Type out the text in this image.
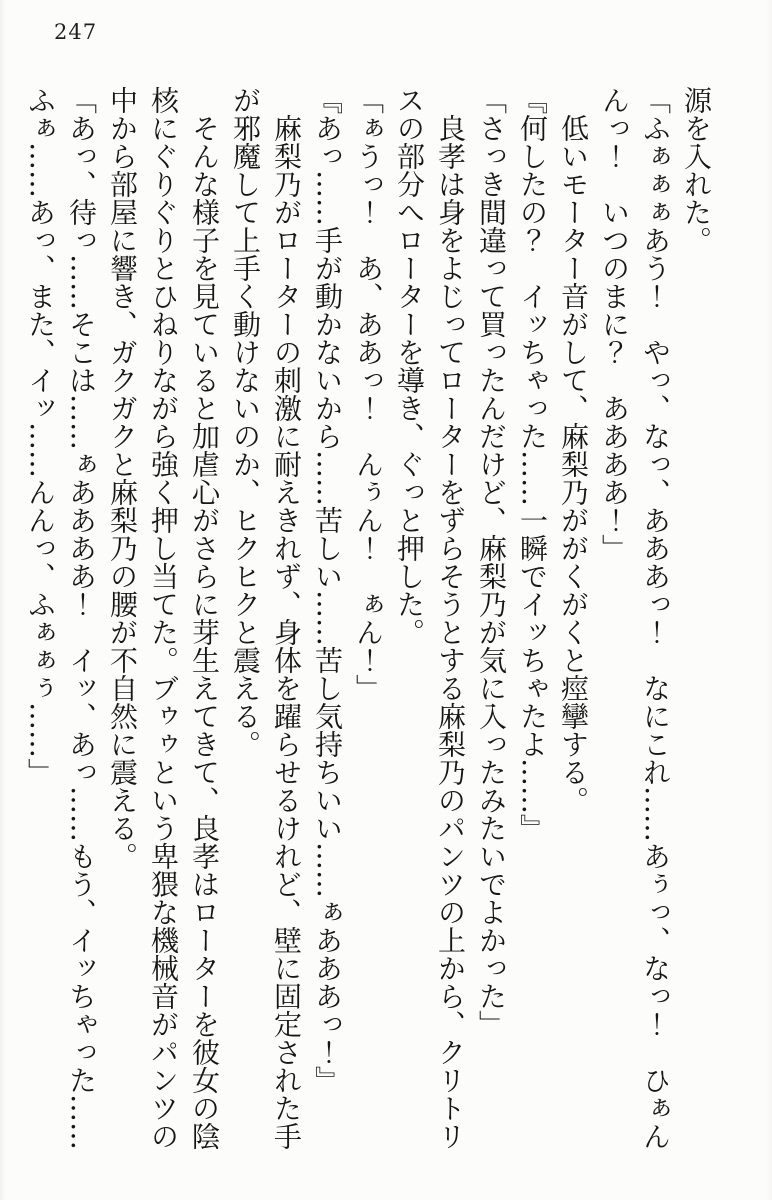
247

源を入れた。

「ふぁぁぁあう！　やっ、なっ、あああっ！　なにこれ……あぅっ、なっ！　ひぁんんっ！　いつのまに？　ああああ！」

　低いモーター音がして、麻梨乃ががくがくと痙攣する。

『何したの？　イッちゃった……一瞬でイッちゃたよ……』

「さっき間違って買ったんだけど、麻梨乃が気に入ったみたいでよかった」

　良孝は身をよじってローターをずらそうとする麻梨乃のパンツの上から、クリトリスの部分へローターを導き、ぐっと押した。

「ぁうっ！　あ、ああっ！　んぅん！　ぁん！」

『あっ……手が動かないから……苦しい……苦し気持ちいい……ぁあああっ！』

　麻梨乃がローターの刺激に耐えきれず、身体を躍らせるけれど、壁に固定された手が邪魔して上手く動けないのか、ヒクヒクと震える。

　そんな様子を見ていると加虐心がさらに芽生えてきて、良孝はローターを彼女の陰核にぐりぐりとひねりながら強く押し当てた。ブゥゥという卑猥な機械音がパンツの中から部屋に響き、ガクガクと麻梨乃の腰が不自然に震える。

「あっ、待っ……そこは……ぁああああ！　イッ、あっ……もう、イッちゃった……ふぁ……あっ、また、イッ……んんっ、ふぁぁぅ……」
